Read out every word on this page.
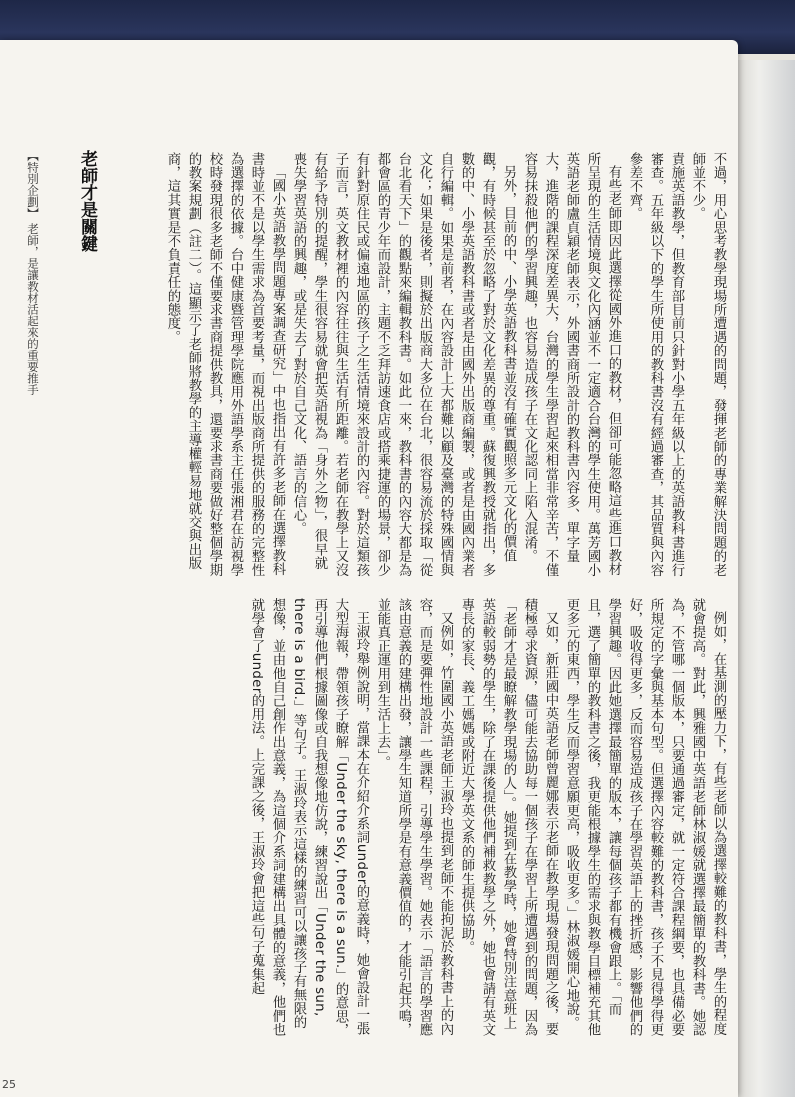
不過，用心思考教學現場所遭遇的問題，發揮老師的專業解決問題的老師並不少。

責施英語教學，但教育部目前只針對小學五年級以上的英語教科書進行審查。五年級以下的學生所使用的教科書沒有經過審查，其品質與內容參差不齊。

有些老師即因此選擇從國外進口的教材，但卻可能忽略這些進口教材所呈現的生活情境與文化內涵並不一定適合台灣的學生使用。萬芳國小英語老師盧貞穎老師表示，外國書商所設計的教科書內容多、單字量大，進階的課程深度差異大，台灣的學生學習起來相當非常辛苦，不僅容易抹殺他們的學習興趣，也容易造成孩子在文化認同上陷入混淆。

另外，目前的中、小學英語教科書並沒有確實觀照多元文化的價值觀，有時候甚至於忽略了對於文化差異的尊重。蘇復興教授就指出，多數的中、小學英語教科書或者是由國外出版商編製，或者是由國內業者自行編輯。如果是前者，在內容設計上大都難以顧及臺灣的特殊國情與文化；如果是後者，則擬於出版商大多位在台北，很容易流於採取「從台北看天下」的觀點來編輯教科書。如此一來，教科書的內容大都是為都會區的青少年而設計，主題不乏拜訪速食店或搭乘捷運的場景，卻少有針對原住民或偏遠地區的孩子之生活情境來設計的內容。對於這類孩子而言，英文教材裡的內容往往與生活有所距離。若老師在教學上又沒有給予特別的提醒，學生很容易就會把英語視為「身外之物」，很早就喪失學習英語的興趣，或是失去了對於自己文化、語言的信心。

「國小英語教學問題專案調查研究」中也指出有許多老師在選擇教科書時並不是以學生需求為首要考量，而視出版商所提供的服務的完整性為選擇的依據。台中健康暨管理學院應用外語學系主任張湘君在訪視學校時發現很多老師不僅要求書商提供教具，還要求書商要做好整個學期的教案規劃（註二）。這顯示了老師將教學的主導權輕易地就交與出版商，這其實是不負責任的態度。

例如，在基測的壓力下，有些老師以為選擇較難的教科書，學生的程度就會提高。對此，興雅國中英語老師林淑媛就選擇最簡單的教科書。她認為，不管哪一個版本，只要通過審定，就一定符合課程綱要，也具備必要所規定的字彙與基本句型。但選擇內容較難的教科書，孩子不見得學得更好，吸收得更多，反而容易造成孩子在學習英語上的挫折感，影響他們的學習興趣。因此她選擇最簡單的版本，讓每個孩子都有機會跟上。「而且，選了簡單的教科書之後，我更能根據學生的需求與教學目標補充其他更多元的東西，學生反而學習意願更高，吸收更多。」林淑媛開心地說。

又如，新莊國中英語老師曾麗娜表示老師在教學現場發現問題之後，要積極尋求資源，儘可能去協助每一個孩子在學習上所遭遇到的問題，因為「老師才是最瞭解教學現場的人」。她提到在教學時，她會特別注意班上英語較弱勢的學生，除了在課後提供他們補救教學之外，她也會請有英文專長的家長、義工媽媽或附近大學英文系的師生提供協助。

又例如，竹圍國小英語老師王淑玲也提到老師不能拘泥於教科書上的內容，而是要彈性地設計一些課程，引導學生學習。她表示「語言的學習應該由意義的建構出發，讓學生知道所學是有意義價值的，才能引起共鳴，並能真正運用到生活上去」。

王淑玲舉例說明，當課本在介紹介系詞under的意義時，她會設計一張大型海報，帶領孩子瞭解「Under the sky, there is a sun.」的意思，再引導他們根據圖像或自我想像地仿說，練習說出「Under the sun, there is a bird.」等句子。王淑玲表示這樣的練習可以讓孩子有無限的想像，並由他自己創作出意義，為這個介系詞建構出具體的意義，他們也就學會了under的用法。上完課之後，王淑玲會把這些句子蒐集起

老師才是關鍵
【特別企劃】 老師，是讓教材活起來的重要推手
25
